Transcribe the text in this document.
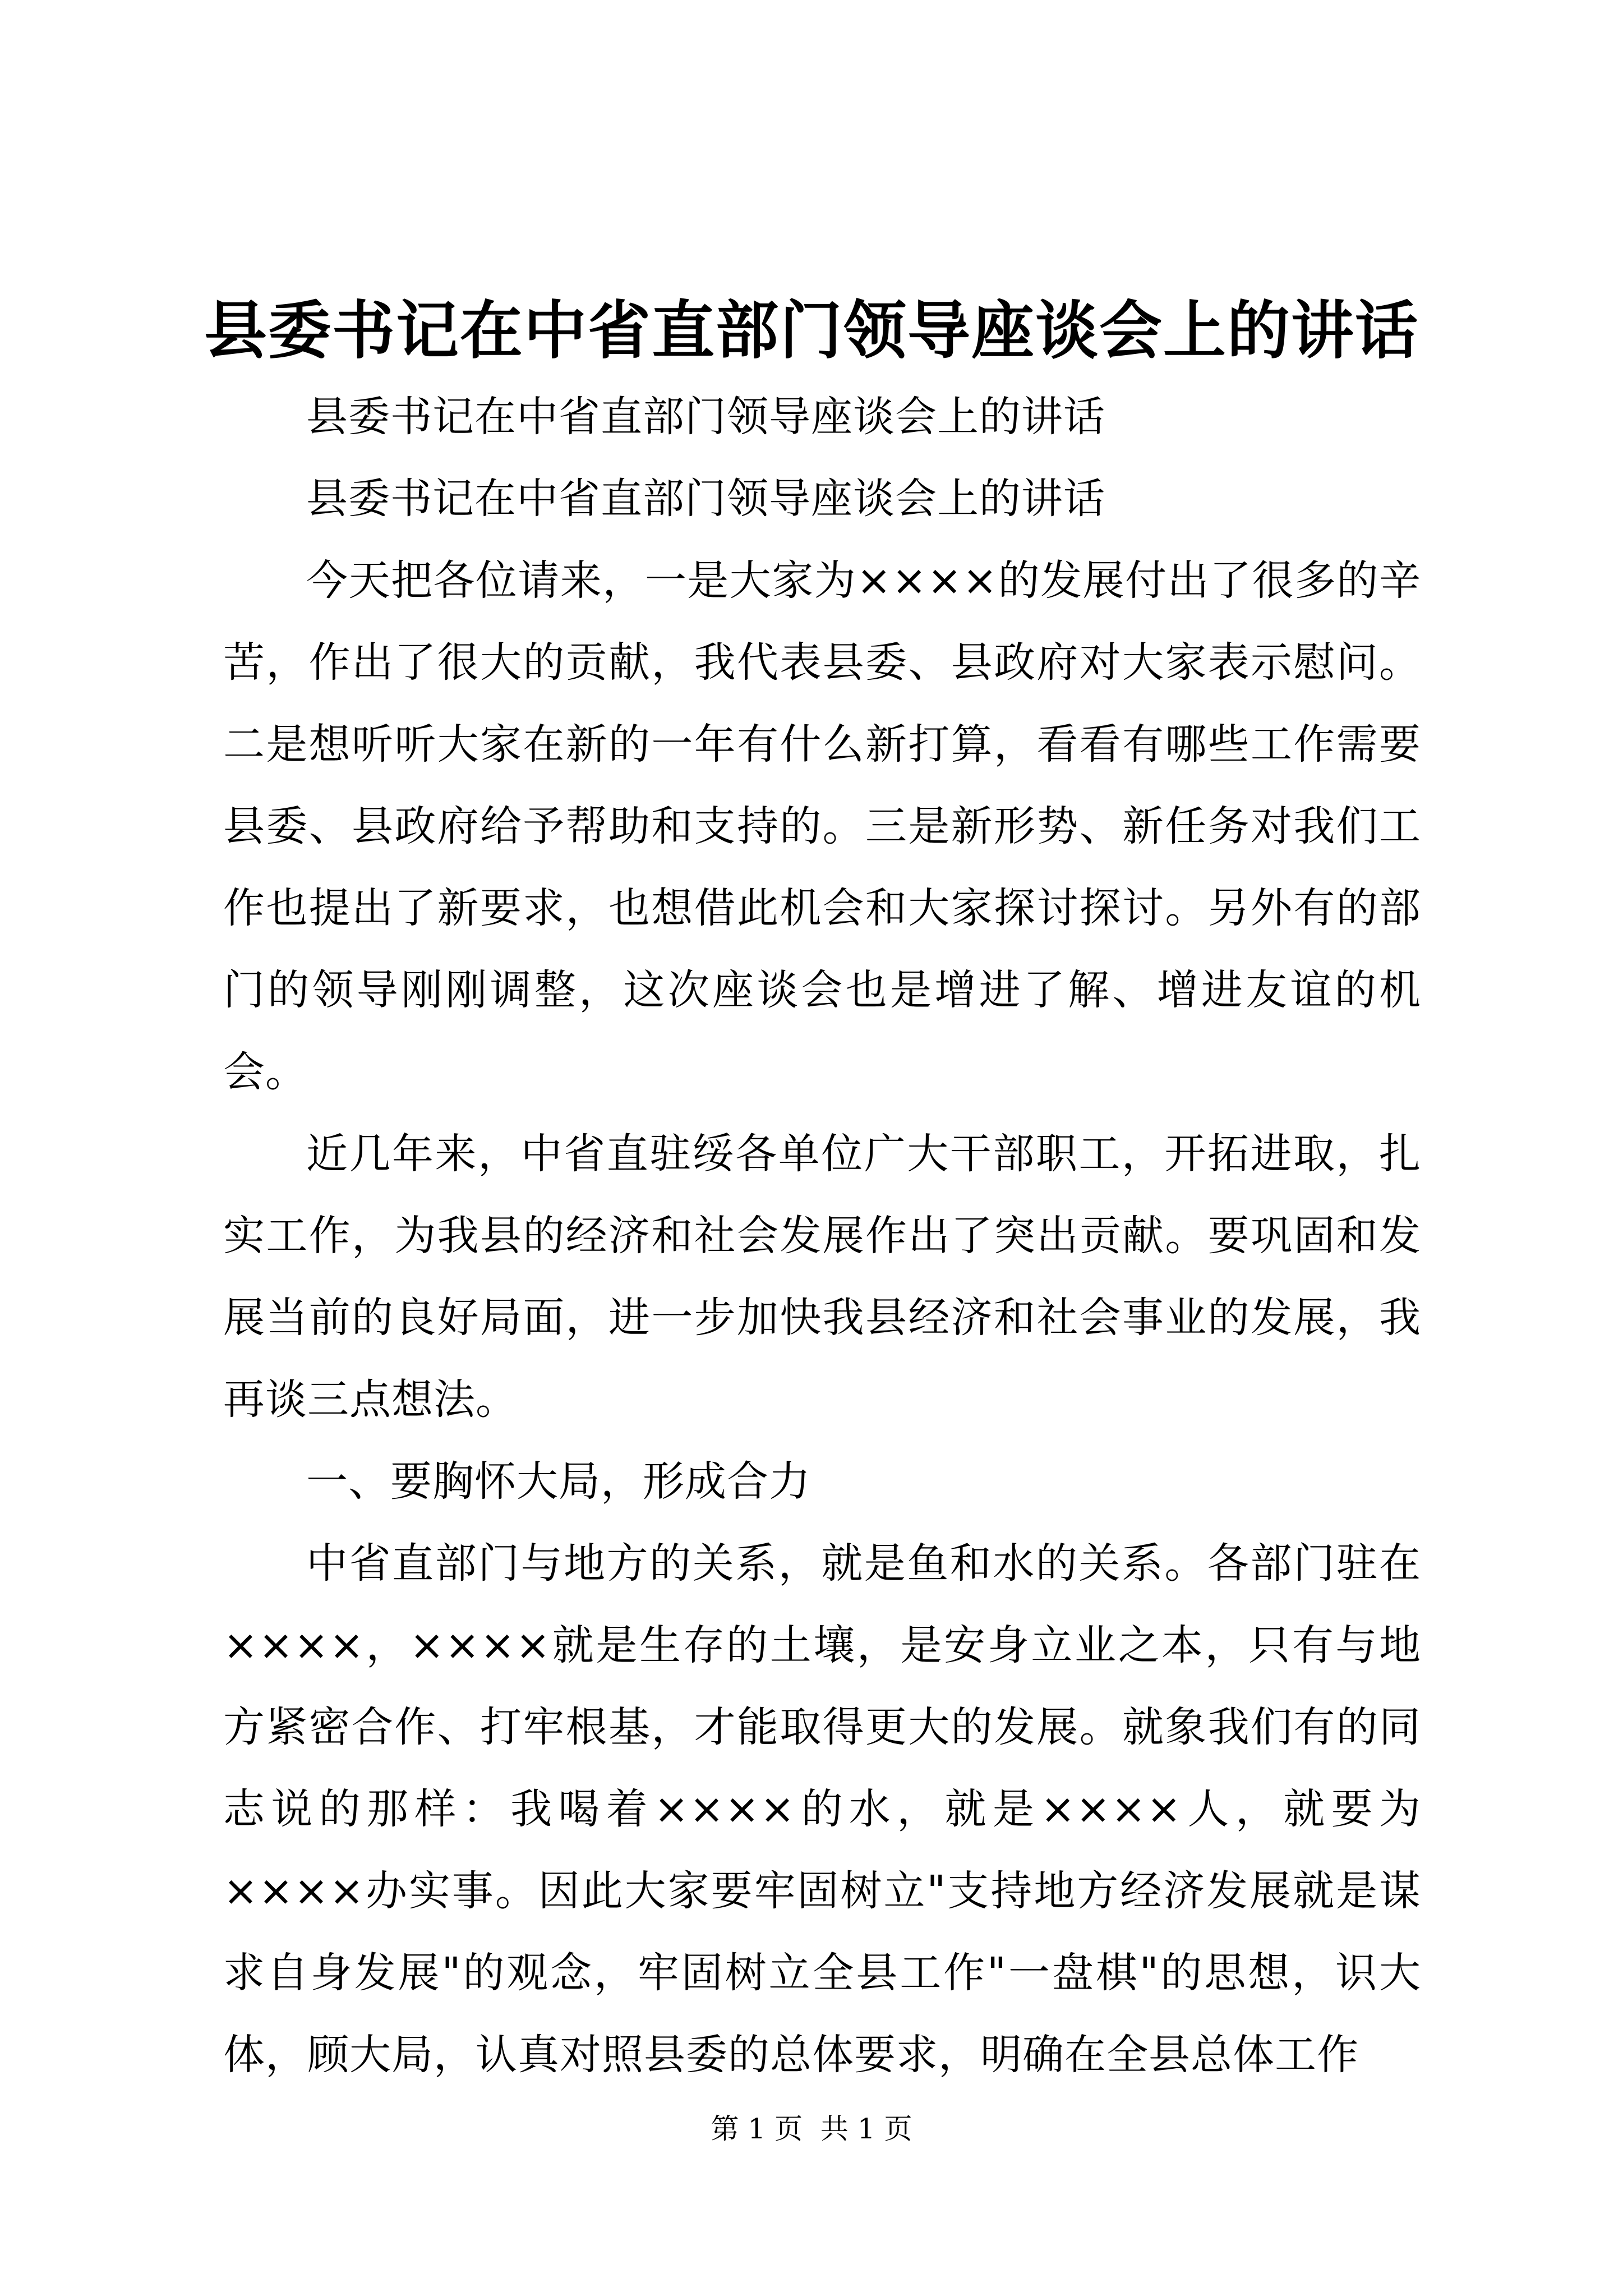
县委书记在中省直部门领导座谈会上的讲话

县委书记在中省直部门领导座谈会上的讲话

县委书记在中省直部门领导座谈会上的讲话

今天把各位请来，一是大家为××××的发展付出了很多的辛苦，作出了很大的贡献，我代表县委、县政府对大家表示慰问。二是想听听大家在新的一年有什么新打算，看看有哪些工作需要县委、县政府给予帮助和支持的。三是新形势、新任务对我们工作也提出了新要求，也想借此机会和大家探讨探讨。另外有的部门的领导刚刚调整，这次座谈会也是增进了解、增进友谊的机会。

近几年来，中省直驻绥各单位广大干部职工，开拓进取，扎实工作，为我县的经济和社会发展作出了突出贡献。要巩固和发展当前的良好局面，进一步加快我县经济和社会事业的发展，我再谈三点想法。

一、要胸怀大局，形成合力

中省直部门与地方的关系，就是鱼和水的关系。各部门驻在××××，××××就是生存的土壤，是安身立业之本，只有与地方紧密合作、打牢根基，才能取得更大的发展。就象我们有的同志说的那样：我喝着××××的水，就是××××人，就要为××××办实事。因此大家要牢固树立"支持地方经济发展就是谋求自身发展"的观念，牢固树立全县工作"一盘棋"的思想，识大体，顾大局，认真对照县委的总体要求，明确在全县总体工作

第 1 页  共 1 页
